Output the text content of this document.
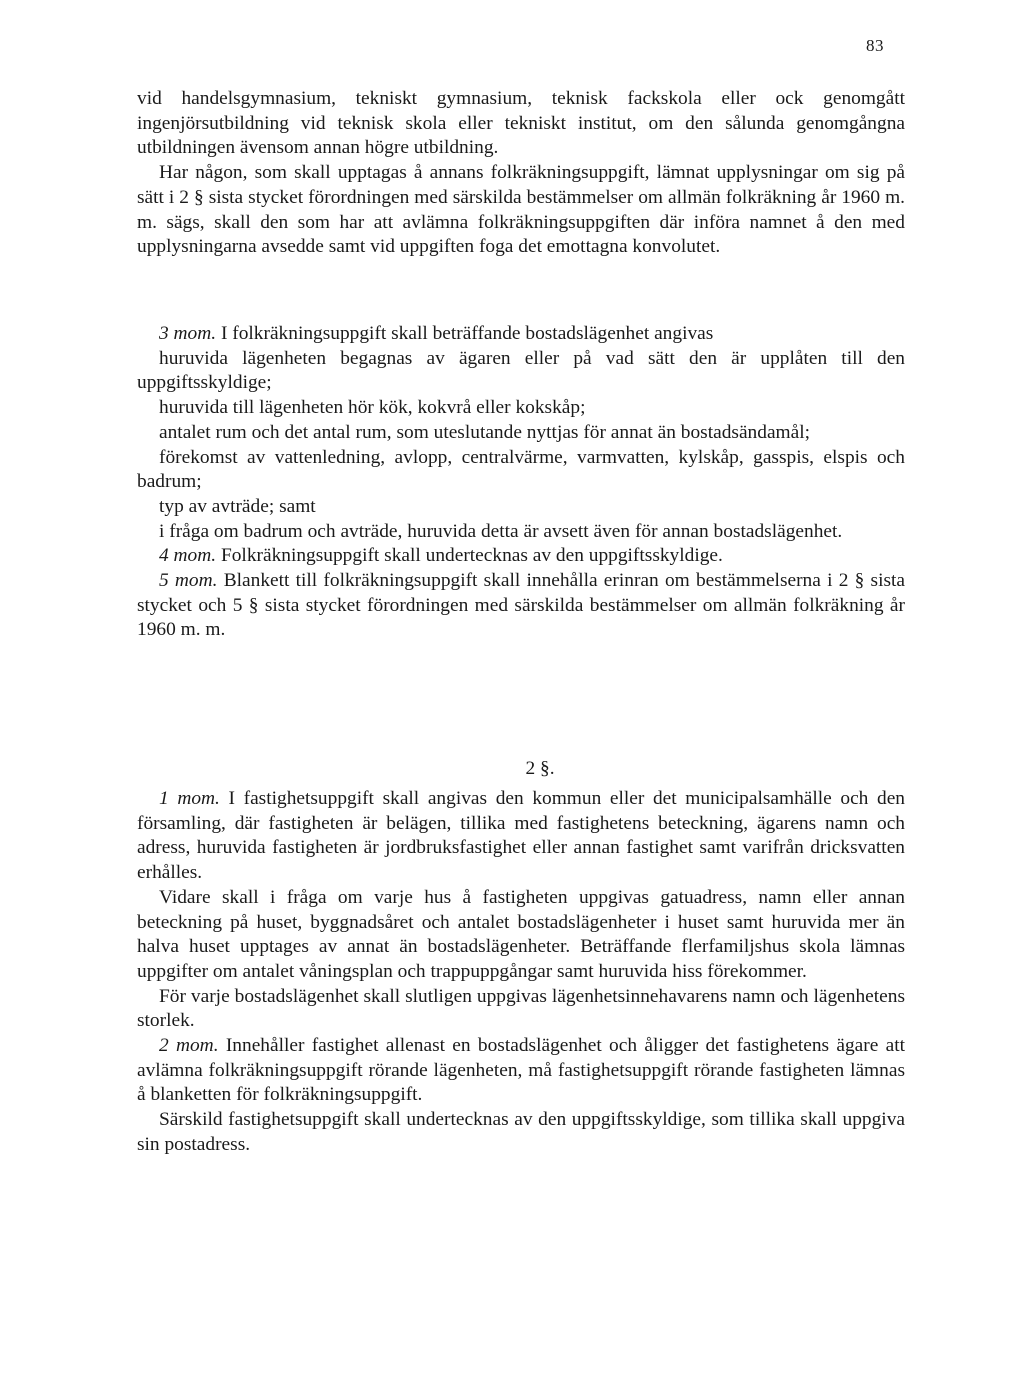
83

vid handelsgymnasium, tekniskt gymnasium, teknisk fackskola eller ock genomgått ingenjörsutbildning vid teknisk skola eller tekniskt institut, om den sålunda genomgångna utbildningen ävensom annan högre utbildning.

Har någon, som skall upptagas å annans folkräkningsuppgift, lämnat upplysningar om sig på sätt i 2 § sista stycket förordningen med särskilda bestämmelser om allmän folkräkning år 1960 m. m. sägs, skall den som har att avlämna folkräkningsuppgiften där införa namnet å den med upplysningarna avsedde samt vid uppgiften foga det emottagna konvolutet.

3 mom. I folkräkningsuppgift skall beträffande bostadslägenhet angivas

huruvida lägenheten begagnas av ägaren eller på vad sätt den är upplåten till den uppgiftsskyldige;

huruvida till lägenheten hör kök, kokvrå eller kokskåp;

antalet rum och det antal rum, som uteslutande nyttjas för annat än bostadsändamål;

förekomst av vattenledning, avlopp, centralvärme, varmvatten, kylskåp, gasspis, elspis och badrum;

typ av avträde; samt

i fråga om badrum och avträde, huruvida detta är avsett även för annan bostadslägenhet.

4 mom. Folkräkningsuppgift skall undertecknas av den uppgiftsskyldige.

5 mom. Blankett till folkräkningsuppgift skall innehålla erinran om bestämmelserna i 2 § sista stycket och 5 § sista stycket förordningen med särskilda bestämmelser om allmän folkräkning år 1960 m. m.

2 §.

1 mom. I fastighetsuppgift skall angivas den kommun eller det municipalsamhälle och den församling, där fastigheten är belägen, tillika med fastighetens beteckning, ägarens namn och adress, huruvida fastigheten är jordbruksfastighet eller annan fastighet samt varifrån dricksvatten erhålles.

Vidare skall i fråga om varje hus å fastigheten uppgivas gatuadress, namn eller annan beteckning på huset, byggnadsåret och antalet bostadslägenheter i huset samt huruvida mer än halva huset upptages av annat än bostadslägenheter. Beträffande flerfamiljshus skola lämnas uppgifter om antalet våningsplan och trappuppgångar samt huruvida hiss förekommer.

För varje bostadslägenhet skall slutligen uppgivas lägenhetsinnehavarens namn och lägenhetens storlek.

2 mom. Innehåller fastighet allenast en bostadslägenhet och åligger det fastighetens ägare att avlämna folkräkningsuppgift rörande lägenheten, må fastighetsuppgift rörande fastigheten lämnas å blanketten för folkräkningsuppgift.

Särskild fastighetsuppgift skall undertecknas av den uppgiftsskyldige, som tillika skall uppgiva sin postadress.
